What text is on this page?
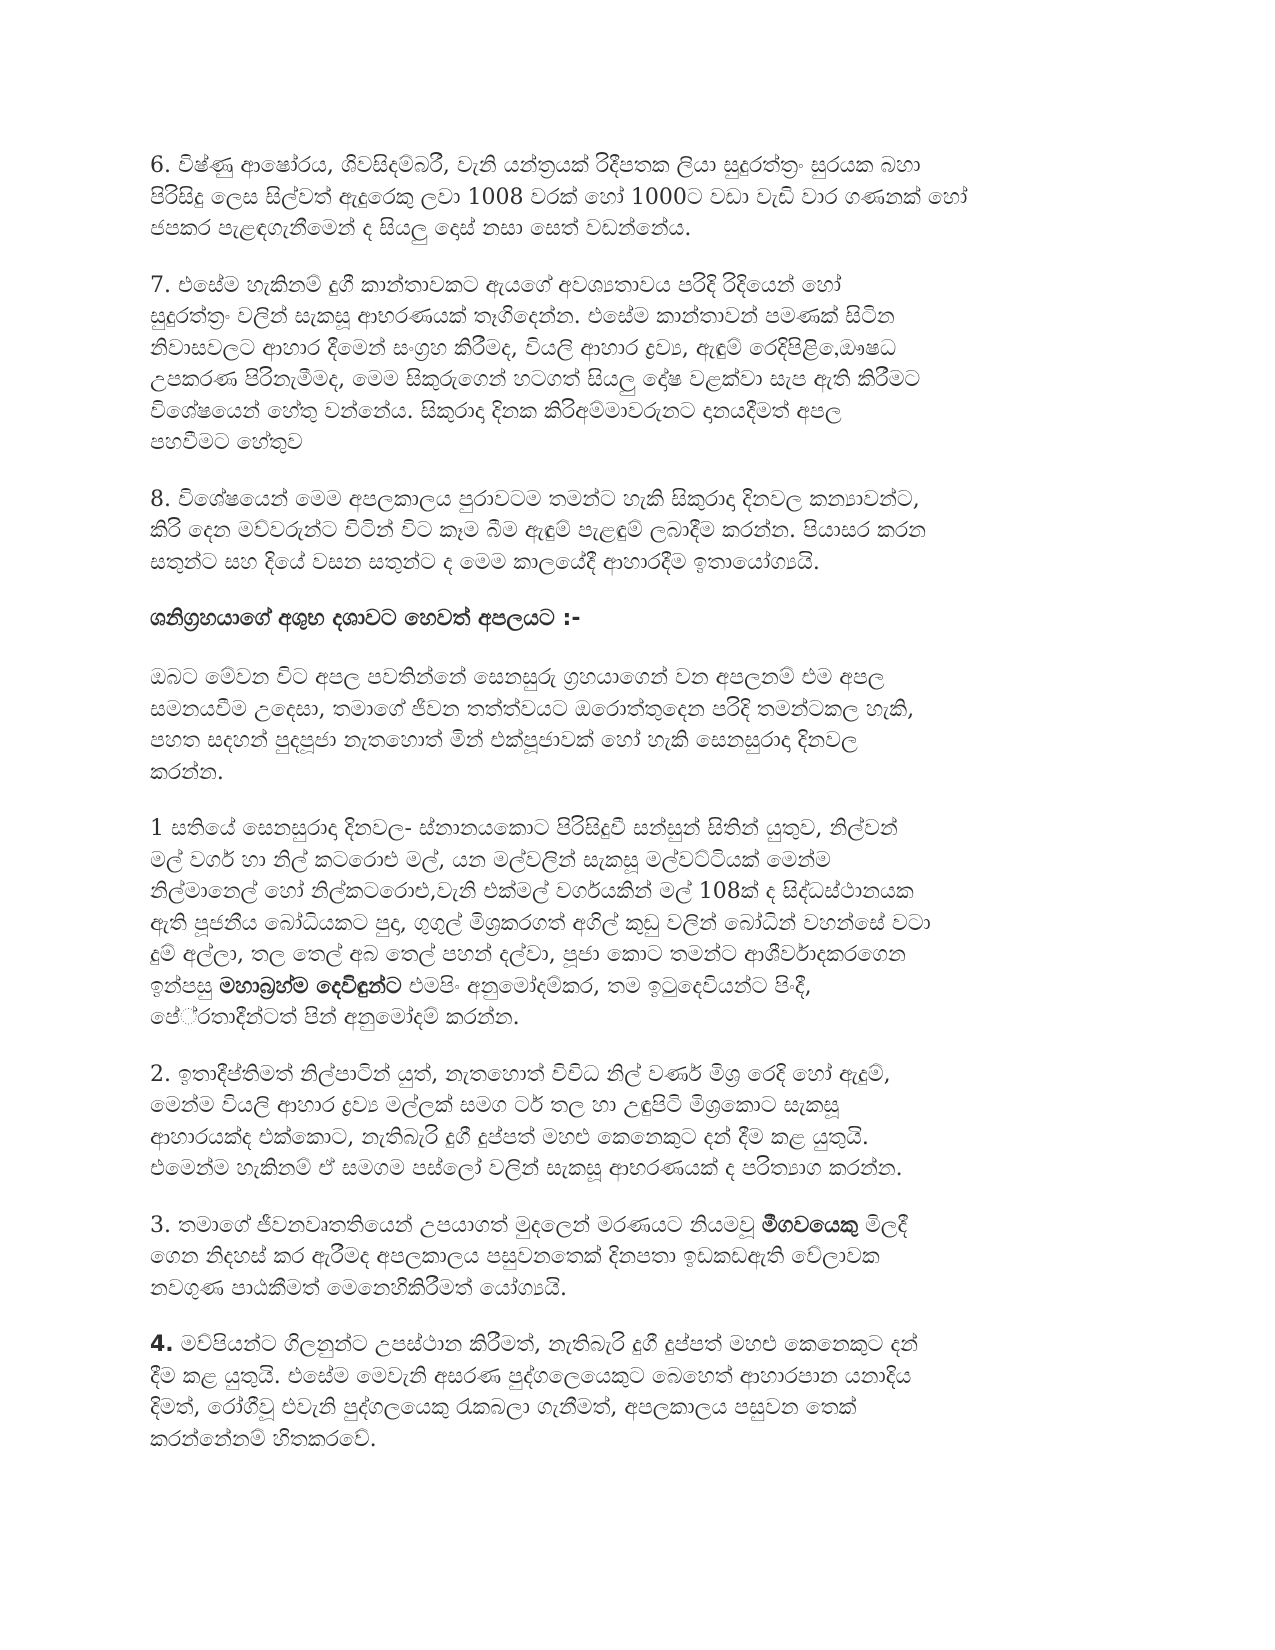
6. විෂ්ණු ආෂෝරය, ශිවසිදම්බරී, වැනි යන්ත්‍රයක් රිදීපතක ලියා සුදුරත්ත්‍රං සුරයක බහා
පිරිසිදු ලෙස සිල්වත් ඇදුරෙකු ලවා 1008 වරක් හෝ 1000ට වඩා වැඩි වාර ගණනක් හෝ
ජපකර පැළඳගැනීමෙන් ද සියලු දොස් නසා සෙත් වඩන්නේය.

7. එසේම හැකිනම් දුගී කාන්තාවකට ඇයගේ අවශ්‍යතාවය පරිදි රිදියෙන් හෝ
සුදුරත්ත්‍රං වලින් සැකසූ ආභරණයක් තෑගිදෙන්න. එසේම කාන්තාවන් පමණක් සිටින
නිවාසවලට ආහාර දීමෙන් සංග්‍රහ කිරීමද, වියලි ආහාර ද්‍රව්‍ය, ඇඳුම් රෙදිපිළි,ෙඖෂධ
උපකරණ පිරිනැමීමද, මෙම සිකුරුගෙන් හටගත් සියලු දෝෂ වළක්වා සැප ඇති කිරීමට
විශේෂයෙන් හේතු වන්නේය. සිකුරාදා දිනක කිරිඅම්මාවරුනට දානයදීමත් අපල
පහවීමට හේතුව

8. විශේෂයෙන් මෙම අපලකාලය පුරාවටම තමන්ට හැකි සිකුරාදා දිනවල කන්‍යාවන්ට,
කිරි දෙන මව්වරුන්ට විටින් විට කෑම බීම ඇඳුම් පැළඳුම් ලබාදීම කරන්න. පියාසර කරන
සතුන්ට සහ දියේ වසන සතුන්ට ද මෙම කාලයේදී ආහාරදීම ඉතායෝග්‍යයි.

ශනිග්‍රහයාගේ අශුභ දශාවට හෙවත් අපලයට :-

ඔබට මේවන විට අපල පවතින්නේ සෙනසුරු ග්‍රහයාගෙන් වන අපලනම් එම අපල
සමනයවීම උදෙසා, තමාගේ ජීවන තත්ත්වයට ඔරොත්තුදෙන පරිදි තමන්ටකල හැකි,
පහත සදහන් පුදපූජා නැතහොත් මින් එක්පූජාවක් හෝ හැකි සෙනසුරාදා දිනවල
කරන්න.

1 සතියේ සෙනසුරාදා දිනවල- ස්නානයකොට පිරිසිදුවී සන්සුන් සිතින් යුතුව, නිල්වන්
මල් වර්ග හා නිල් කටරොළු මල්, යන මල්වලින් සැකසූ මල්වට්ටියක් මෙන්ම
නිල්මානෙල් හෝ නිල්කටරොළු,වැනි එක්මල් වර්ගයකින් මල් 108ක් ද සිද්ධස්ථානයක
ඇති පූජනීය බෝධියකට පුදා, ගුගුල් මිශ්‍රකරගත් අගිල් කුඩු වලින් බෝධින් වහන්සේ වටා
දුම් අල්ලා, තල තෙල් අබ තෙල් පහන් දල්වා, පූජා කොට තමන්ට ආශීර්වාදකරගෙන
ඉන්පසු මහාබ්‍රහ්ම දෙවිඳුන්ට එමපිං අනුමෝදම්කර, තම ඉටුදෙවියන්ට පිංදී,
පේ්රතාදීන්ටත් පින් අනුමෝදම් කරන්න.

2. ඉතාදීප්තිමත් නිල්පාටින් යුත්, නැතහොත් විවිධ නිල් වර්ණ මිශ්‍ර රෙදි හෝ ඇදුම්,
මෙන්ම වියලි ආහාර ද්‍රව්‍ය මල්ලක් සමග ර්ට තල හා උඳුපිටි මිශ්‍රකොට සැකසූ
ආහාරයක්ද එක්කොට, නැතිබැරි දුගී දුප්පත් මහළු කෙනෙකුට දන් දීම කළ යුතුයි.
එමෙන්ම හැකිනම් ඒ සමගම පස්ලෝ වලින් සැකසූ ආභරණයක් ද පරිත්‍යාග කරන්න.

3. තමාගේ ජීවනවෘතතියෙන් උපයාගත් මුදලෙන් මරණයට නියමවූ මීගවයෙකු මිලදී
ගෙන නිදහස් කර ඇරීමද අපලකාලය පසුවනතෙක් දිනපතා ඉඩකඩඇති වේලාවක
නවගුණ පාඨකීමත් මෙනෙහිකිරීමත් යෝග්‍යයි.

4. මව්පියන්ට ගිලනුන්ට උපස්ථාන කිරීමත්, නැතිබැරි දුගී දුප්පත් මහළු කෙනෙකුට දන්
දීම කළ යුතුයි. එසේම මෙවැනි අසරණ පුද්ගලෙයෙකුට බෙහෙත් ආහාරපාන යනාදිය
දිමත්, රෝගීවූ එවැනි පුද්ගලයෙකු රැකබලා ගැනීමත්, අපලකාලය පසුවන තෙක්
කරන්නේනම් හිතකරවේ.
